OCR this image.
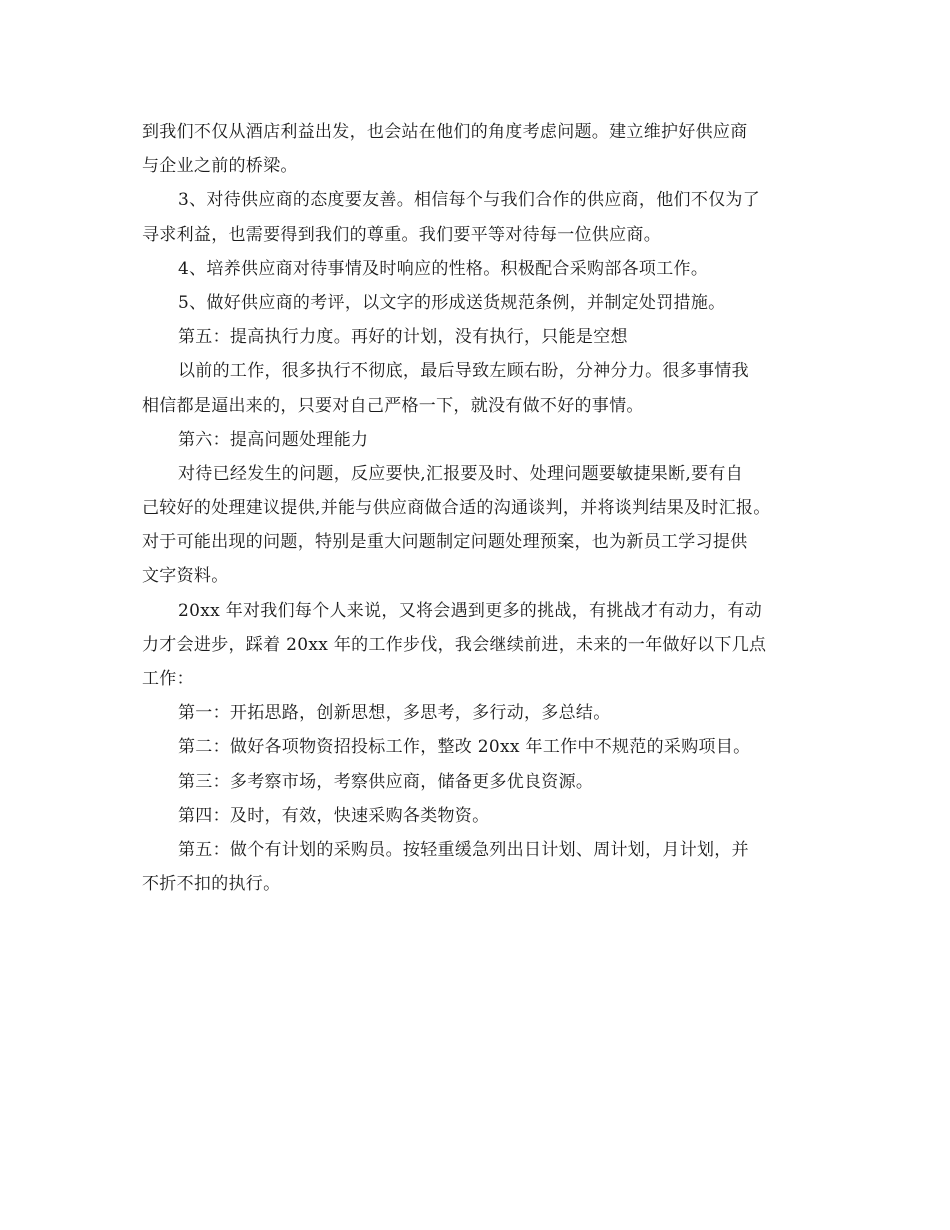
到我们不仅从酒店利益出发，也会站在他们的角度考虑问题。建立维护好供应商
与企业之前的桥梁。
3、对待供应商的态度要友善。相信每个与我们合作的供应商，他们不仅为了
寻求利益，也需要得到我们的尊重。我们要平等对待每一位供应商。
4、培养供应商对待事情及时响应的性格。积极配合采购部各项工作。
5、做好供应商的考评，以文字的形成送货规范条例，并制定处罚措施。
第五：提高执行力度。再好的计划，没有执行，只能是空想
以前的工作，很多执行不彻底，最后导致左顾右盼，分神分力。很多事情我
相信都是逼出来的，只要对自己严格一下，就没有做不好的事情。
第六：提高问题处理能力
对待已经发生的问题，反应要快,汇报要及时、处理问题要敏捷果断,要有自
己较好的处理建议提供,并能与供应商做合适的沟通谈判，并将谈判结果及时汇报。
对于可能出现的问题，特别是重大问题制定问题处理预案，也为新员工学习提供
文字资料。
20xx 年对我们每个人来说，又将会遇到更多的挑战，有挑战才有动力，有动
力才会进步，踩着 20xx 年的工作步伐，我会继续前进，未来的一年做好以下几点
工作：
第一：开拓思路，创新思想，多思考，多行动，多总结。
第二：做好各项物资招投标工作，整改 20xx 年工作中不规范的采购项目。
第三：多考察市场，考察供应商，储备更多优良资源。
第四：及时，有效，快速采购各类物资。
第五：做个有计划的采购员。按轻重缓急列出日计划、周计划，月计划，并
不折不扣的执行。
